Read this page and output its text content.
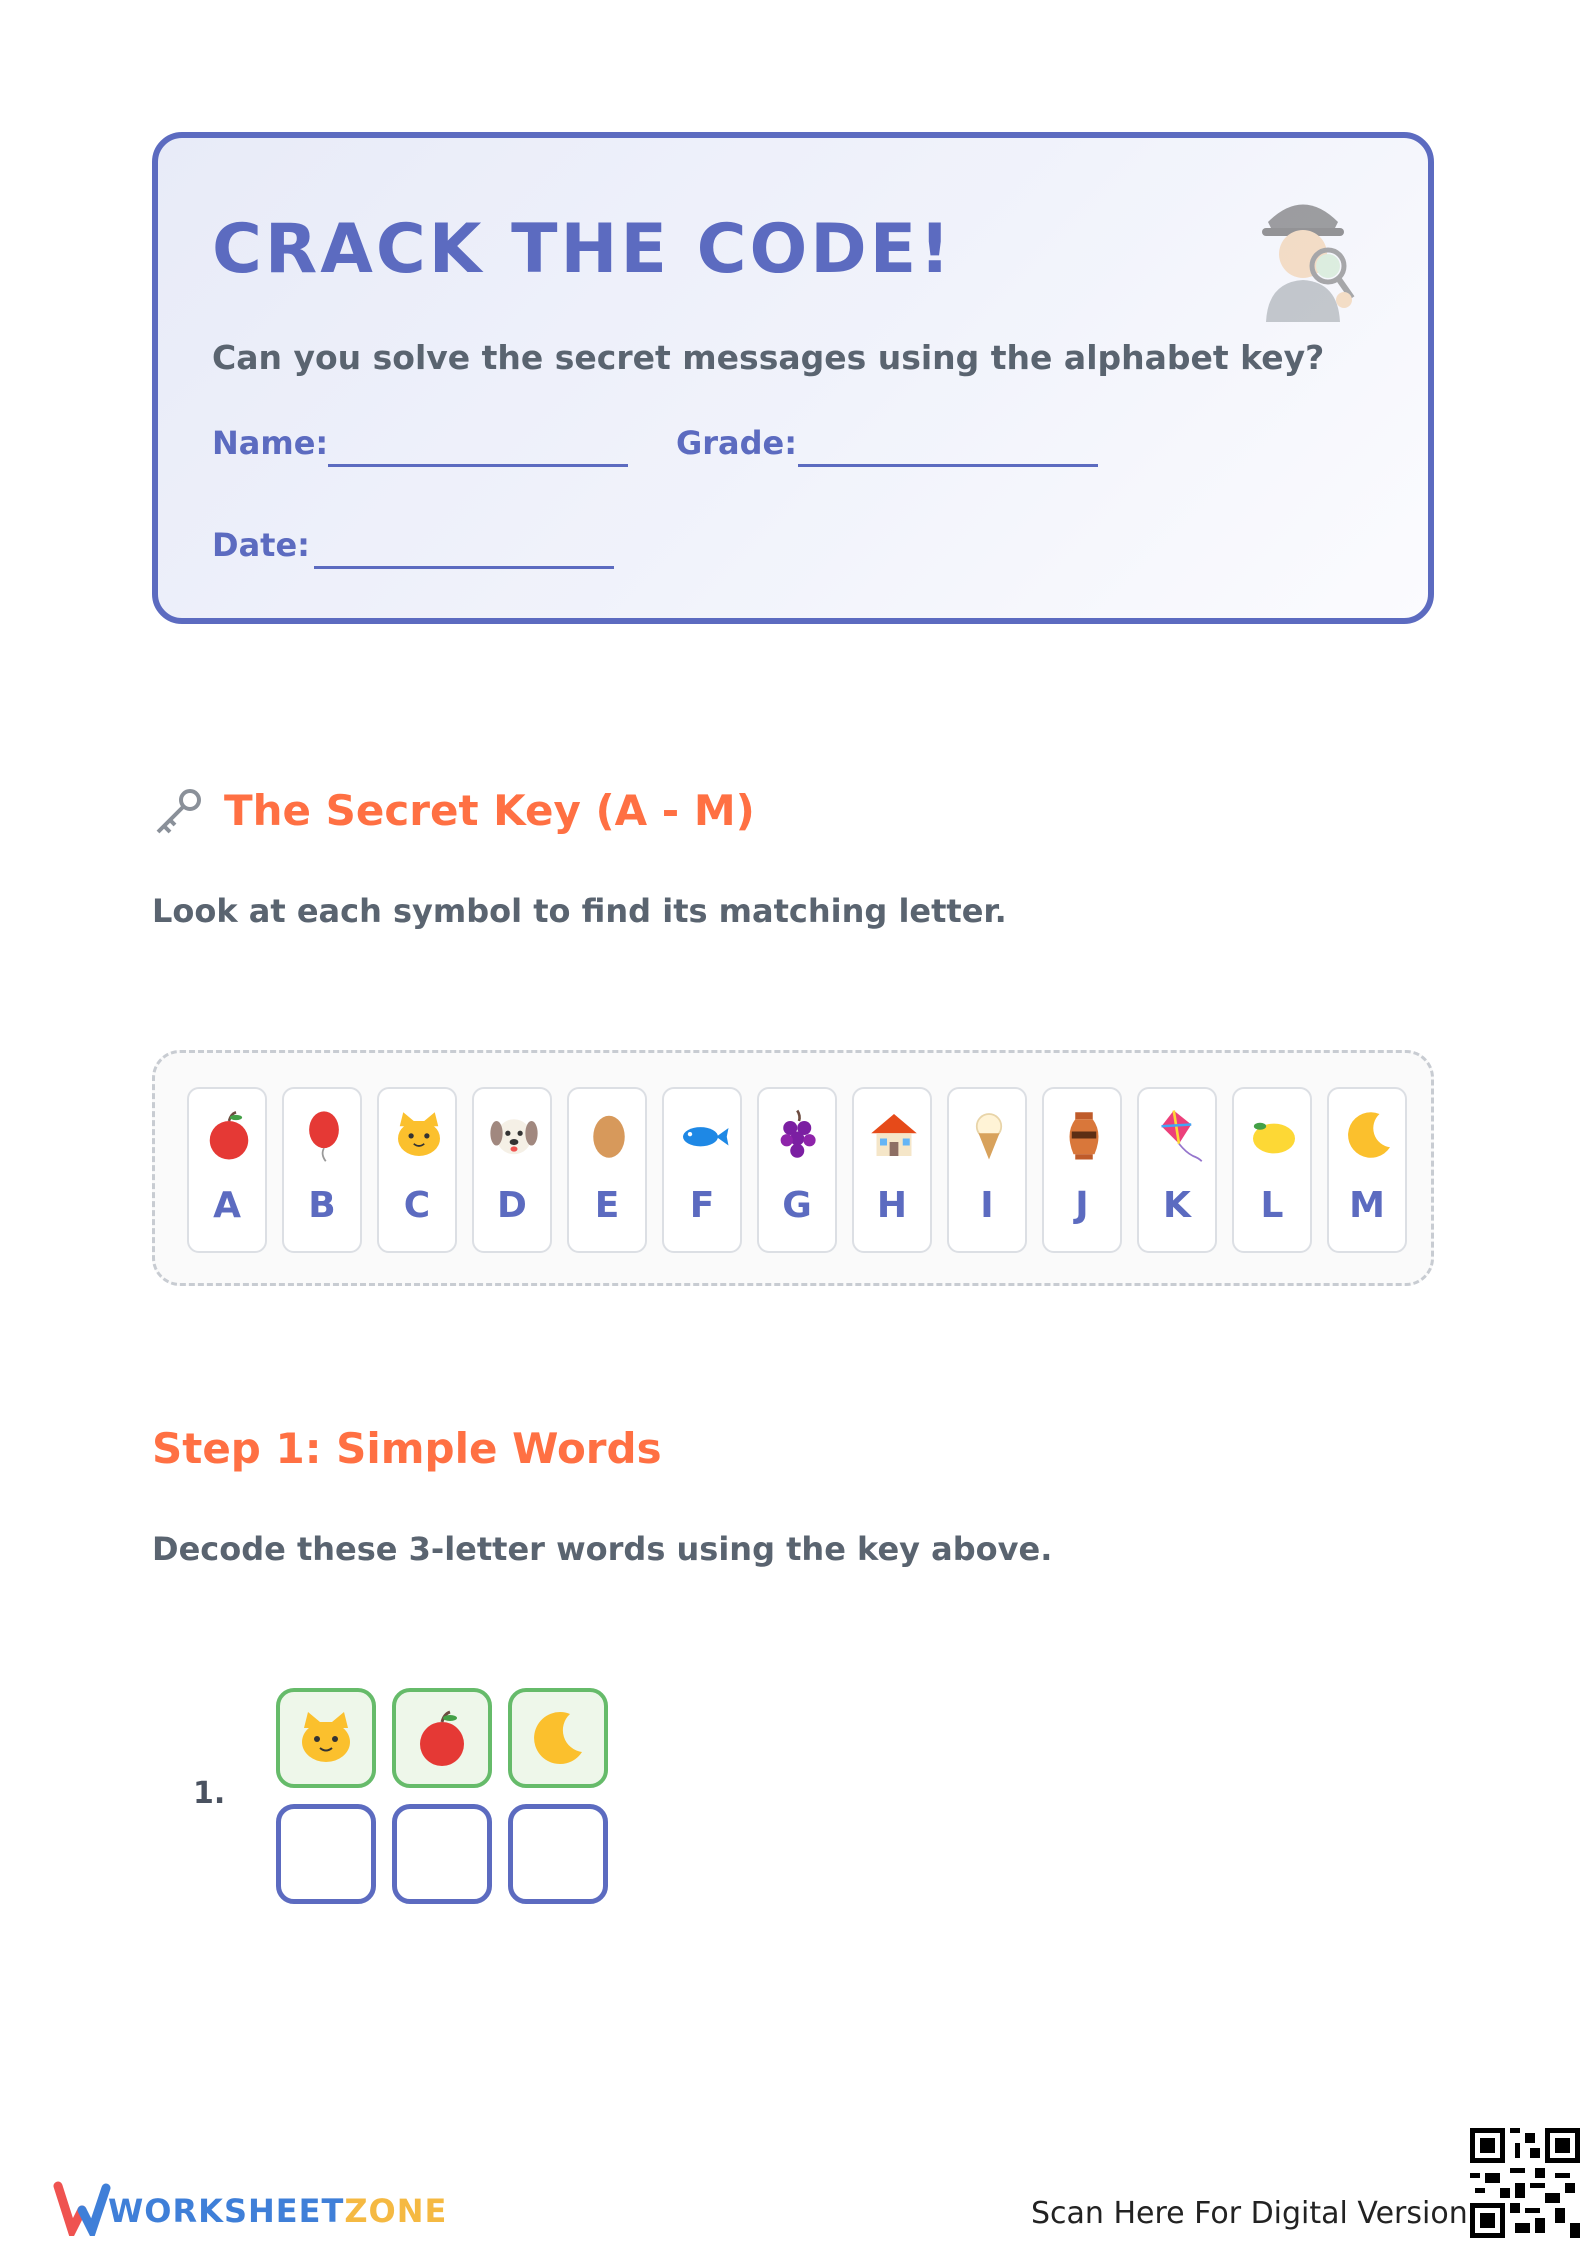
CRACK THE CODE!
Can you solve the secret messages using the alphabet key?
Name:	Grade:
Date:
The Secret Key (A - M)
Look at each symbol to find its matching letter.
A	B	C	D	E	F	G	H	I	J	K	L	M
Step 1: Simple Words
Decode these 3-letter words using the key above.
1.
WORKSHEETZONE	Scan Here For Digital Version
